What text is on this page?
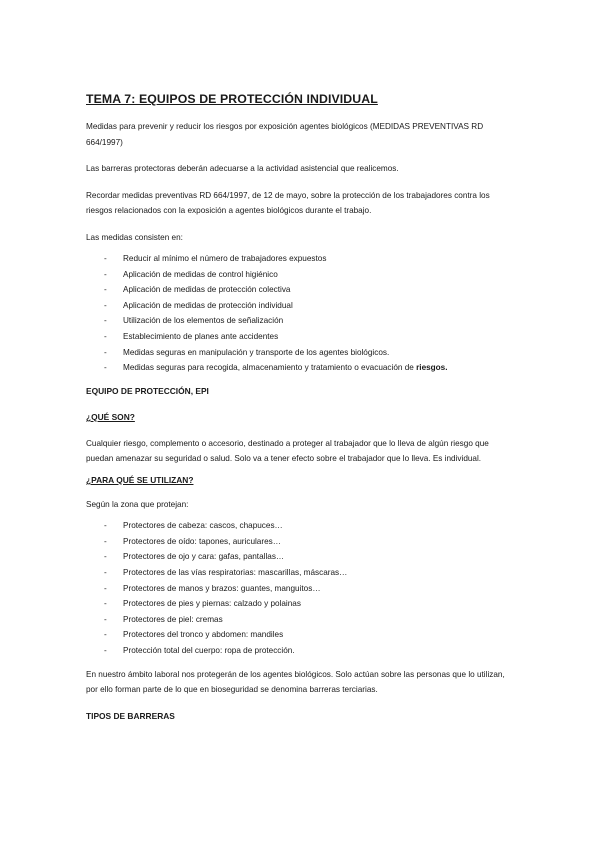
TEMA 7: EQUIPOS DE PROTECCIÓN INDIVIDUAL

Medidas para prevenir y reducir los riesgos por exposición agentes biológicos (MEDIDAS PREVENTIVAS RD 664/1997)

Las barreras protectoras deberán adecuarse a la actividad asistencial que realicemos.

Recordar medidas preventivas RD 664/1997, de 12 de mayo, sobre la protección de los trabajadores contra los riesgos relacionados con la exposición a agentes biológicos durante el trabajo.

Las medidas consisten en:

- Reducir al mínimo el número de trabajadores expuestos
- Aplicación de medidas de control higiénico
- Aplicación de medidas de protección colectiva
- Aplicación de medidas de protección individual
- Utilización de los elementos de señalización
- Establecimiento de planes ante accidentes
- Medidas seguras en manipulación y transporte de los agentes biológicos.
- Medidas seguras para recogida, almacenamiento y tratamiento o evacuación de riesgos.
EQUIPO DE PROTECCIÓN, EPI
¿QUÉ SON?

Cualquier riesgo, complemento o accesorio, destinado a proteger al trabajador que lo lleva de algún riesgo que puedan amenazar su seguridad o salud. Solo va a tener efecto sobre el trabajador que lo lleva. Es individual.

¿PARA QUÉ SE UTILIZAN?

Según la zona que protejan:

- Protectores de cabeza: cascos, chapuces…
- Protectores de oído: tapones, auriculares…
- Protectores de ojo y cara: gafas, pantallas…
- Protectores de las vías respiratorias: mascarillas, máscaras…
- Protectores de manos y brazos: guantes, manguitos…
- Protectores de pies y piernas: calzado y polainas
- Protectores de piel: cremas
- Protectores del tronco y abdomen: mandiles
- Protección total del cuerpo: ropa de protección.

En nuestro ámbito laboral nos protegerán de los agentes biológicos. Solo actúan sobre las personas que lo utilizan, por ello forman parte de lo que en bioseguridad se denomina barreras terciarias.

TIPOS DE BARRERAS
